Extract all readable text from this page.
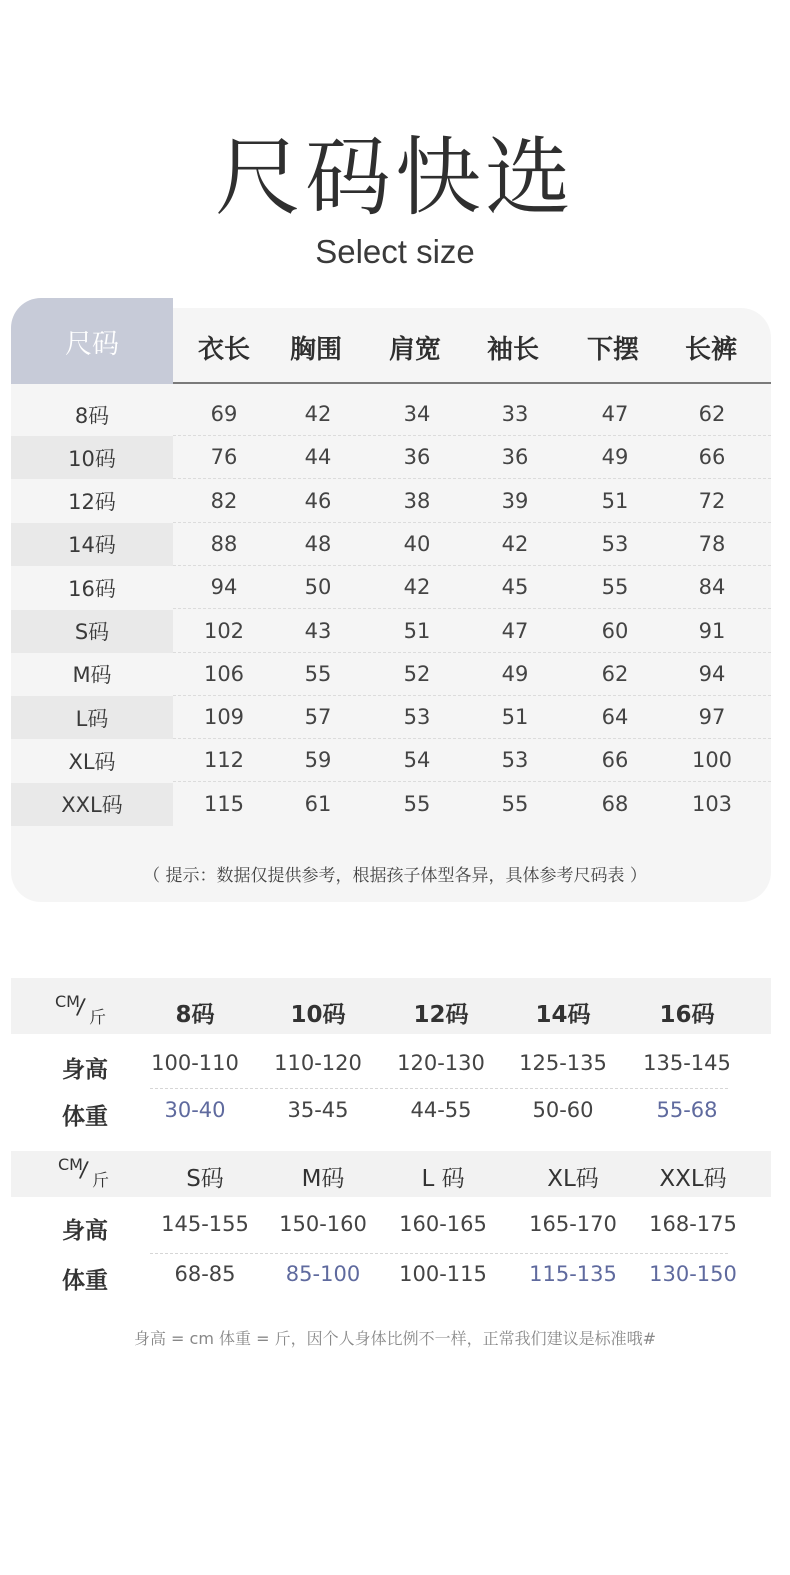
尺码快选
Select size
尺码	衣长	胸围	肩宽	袖长	下摆	长裤
8码	69	42	34	33	47	62
10码	76	44	36	36	49	66
12码	82	46	38	39	51	72
14码	88	48	40	42	53	78
16码	94	50	42	45	55	84
S码	102	43	51	47	60	91
M码	106	55	52	49	62	94
L码	109	57	53	51	64	97
XL码	112	59	54	53	66	100
XXL码	115	61	55	55	68	103
（ 提示：数据仅提供参考，根据孩子体型各异，具体参考尺码表 ）
CM
/ 斤	8码	10码	12码	14码	16码
身高	100-110	110-120	120-130	125-135	135-145
体重	30-40	35-45	44-55	50-60	55-68
CM
/ 斤	S码	M码	L 码	XL码	XXL码
身高	145-155	150-160	160-165	165-170	168-175
体重	68-85	85-100	100-115	115-135	130-150
身高 = cm 体重 = 斤，因个人身体比例不一样，正常我们建议是标准哦#
